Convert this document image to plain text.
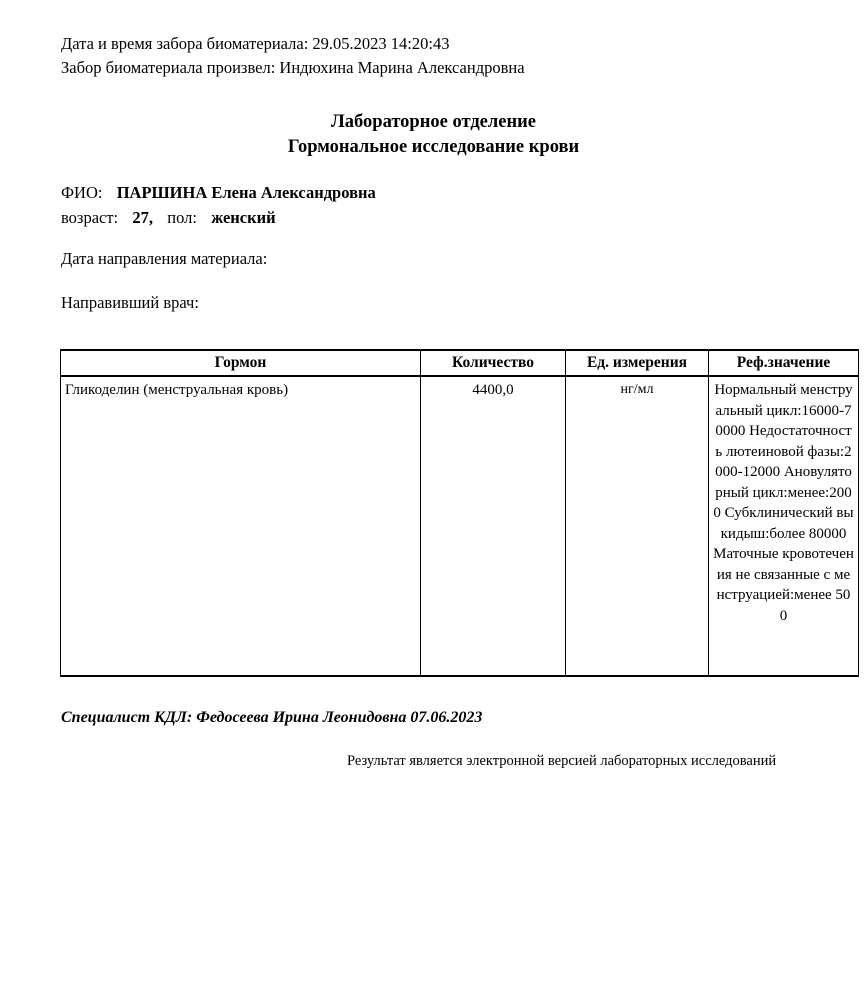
Дата и время забора биоматериала: 29.05.2023 14:20:43
Забор биоматериала произвел: Индюхина Марина Александровна
Лабораторное отделение
Гормональное исследование крови
ФИО: ПАРШИНА Елена Александровна
возраст: 27, пол: женский
Дата направления материала:
Направивший врач:
Гормон	Количество	Ед. измерения	Реф.значение
Гликоделин (менструальная кровь)	4400,0	нг/мл	Нормальный менструальный цикл:16000-70000 Недостаточность лютеиновой фазы:2000-12000 Ановуляторный цикл:менее:2000 Субклинический выкидыш:более 80000 Маточные кровотечения не связанные с менструацией:менее 500
Специалист КДЛ: Федосеева Ирина Леонидовна 07.06.2023
Результат является электронной версией лабораторных исследований
